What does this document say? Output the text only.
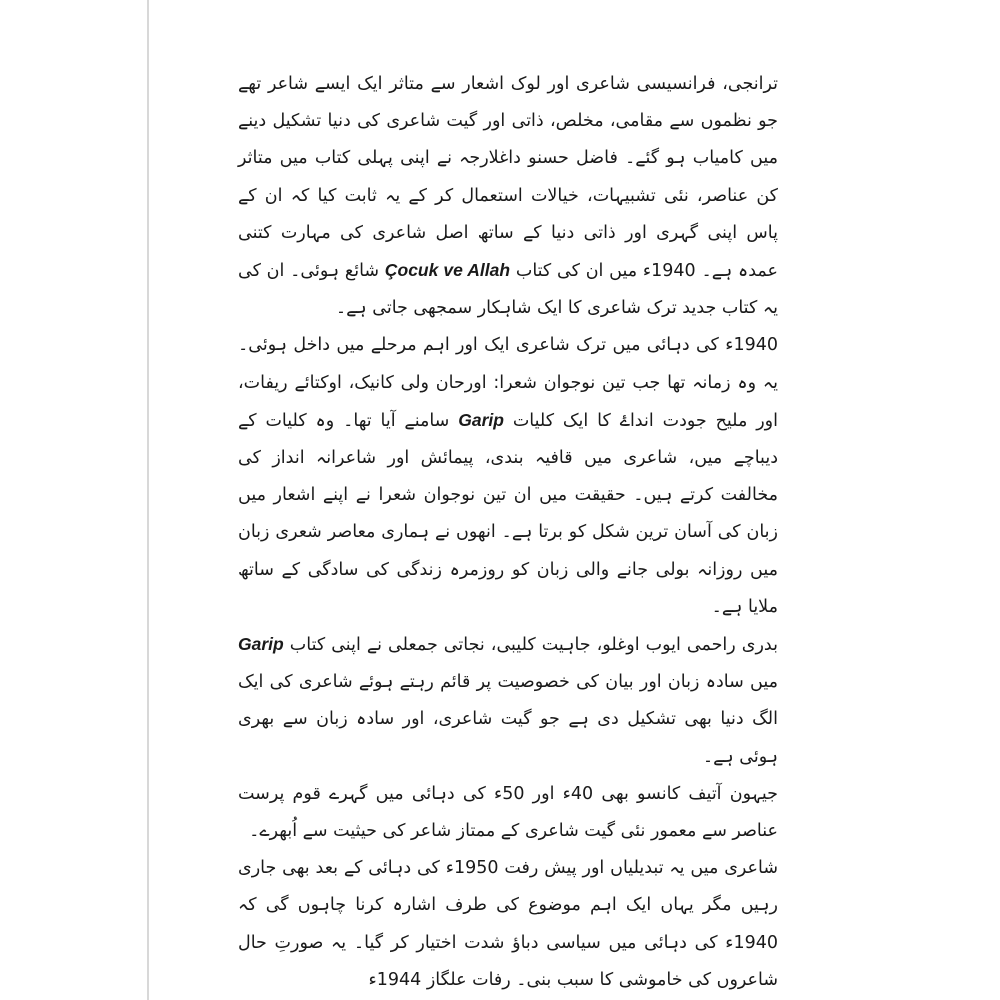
ترانجی، فرانسیسی شاعری اور لوک اشعار سے متاثر ایک ایسے شاعر تھے جو نظموں سے مقامی، مخلص، ذاتی اور گیت شاعری کی دنیا تشکیل دینے میں کامیاب ہو گئے۔ فاضل حسنو داغلارجہ نے اپنی پہلی کتاب میں متاثر کن عناصر، نئی تشبیہات، خیالات استعمال کر کے یہ ثابت کیا کہ ان کے پاس اپنی گہری اور ذاتی دنیا کے ساتھ اصل شاعری کی مہارت کتنی عمدہ ہے۔ 1940ء میں ان کی کتاب Çocuk ve Allah شائع ہوئی۔ ان کی یہ کتاب جدید ترک شاعری کا ایک شاہکار سمجھی جاتی ہے۔

1940ء کی دہائی میں ترک شاعری ایک اور اہم مرحلے میں داخل ہوئی۔ یہ وہ زمانہ تھا جب تین نوجوان شعرا: اورحان ولی کانیک، اوکتائے ریفات، اور ملیح جودت انداۓ کا ایک کلیات Garip سامنے آیا تھا۔ وہ کلیات کے دیباچے میں، شاعری میں قافیہ بندی، پیمائش اور شاعرانہ انداز کی مخالفت کرتے ہیں۔ حقیقت میں ان تین نوجوان شعرا نے اپنے اشعار میں زبان کی آسان ترین شکل کو برتا ہے۔ انھوں نے ہماری معاصر شعری زبان میں روزانہ بولی جانے والی زبان کو روزمرہ زندگی کی سادگی کے ساتھ ملایا ہے۔

بدری راحمی ایوب اوغلو، جاہیت کلیبی، نجاتی جمعلی نے اپنی کتاب Garip میں سادہ زبان اور بیان کی خصوصیت پر قائم رہتے ہوئے شاعری کی ایک الگ دنیا بھی تشکیل دی ہے جو گیت شاعری، اور سادہ زبان سے بھری ہوئی ہے۔

جیہون آتیف کانسو بھی 40ء اور 50ء کی دہائی میں گہرے قوم پرست عناصر سے معمور نئی گیت شاعری کے ممتاز شاعر کی حیثیت سے اُبھرے۔

شاعری میں یہ تبدیلیاں اور پیش رفت 1950ء کی دہائی کے بعد بھی جاری رہیں مگر یہاں ایک اہم موضوع کی طرف اشارہ کرنا چاہوں گی کہ 1940ء کی دہائی میں سیاسی دباؤ شدت اختیار کر گیا۔ یہ صورتِ حال شاعروں کی خاموشی کا سبب بنی۔ رفات علگاز 1944ء
